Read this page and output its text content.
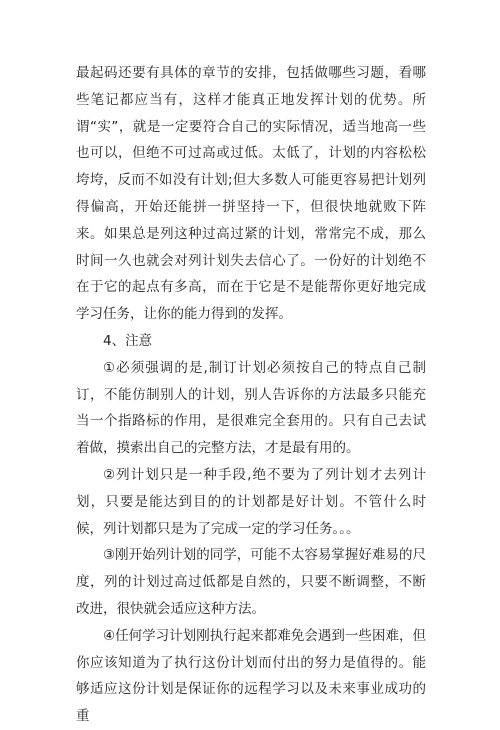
最起码还要有具体的章节的安排，包括做哪些习题，看哪些笔记都应当有，这样才能真正地发挥计划的优势。所谓“实”，就是一定要符合自己的实际情况，适当地高一些也可以，但绝不可过高或过低。太低了，计划的内容松松垮垮，反而不如没有计划;但大多数人可能更容易把计划列得偏高，开始还能拼一拼坚持一下，但很快地就败下阵来。如果总是列这种过高过紧的计划，常常完不成，那么时间一久也就会对列计划失去信心了。一份好的计划绝不在于它的起点有多高，而在于它是不是能帮你更好地完成学习任务，让你的能力得到的发挥。

4、注意

①必须强调的是,制订计划必须按自己的特点自己制订，不能仿制别人的计划，别人告诉你的方法最多只能充当一个指路标的作用，是很难完全套用的。只有自己去试着做，摸索出自己的完整方法，才是最有用的。

②列计划只是一种手段,绝不要为了列计划才去列计划，只要是能达到目的的计划都是好计划。不管什么时候，列计划都只是为了完成一定的学习任务。。。

③刚开始列计划的同学，可能不太容易掌握好难易的尺度，列的计划过高过低都是自然的，只要不断调整，不断改进，很快就会适应这种方法。

④任何学习计划刚执行起来都难免会遇到一些困难，但你应该知道为了执行这份计划而付出的努力是值得的。能够适应这份计划是保证你的远程学习以及未来事业成功的重
